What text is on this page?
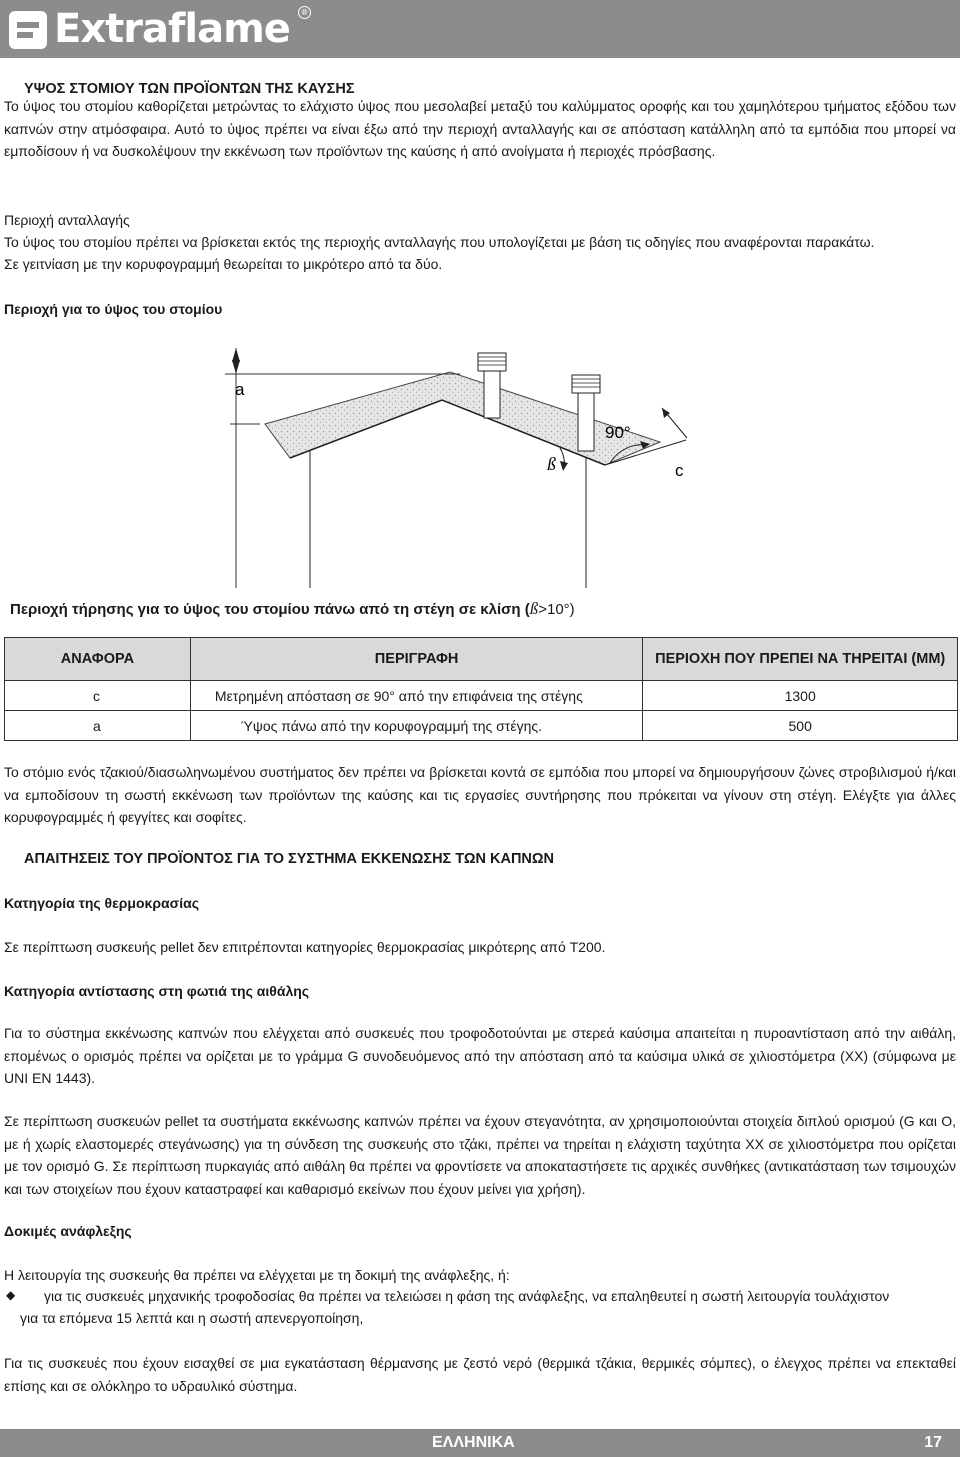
Extraflame	®
ΥΨΟΣ ΣΤΟΜΙΟΥ ΤΩΝ ΠΡΟΪΟΝΤΩΝ ΤΗΣ ΚΑΥΣΗΣ

Το ύψος του στομίου καθορίζεται μετρώντας το ελάχιστο ύψος που μεσολαβεί μεταξύ του καλύμματος οροφής και του χαμηλότερου τμήματος εξόδου των καπνών στην ατμόσφαιρα. Αυτό το ύψος πρέπει να είναι έξω από την περιοχή ανταλλαγής και σε απόσταση κατάλληλη από τα εμπόδια που μπορεί να εμποδίσουν ή να δυσκολέψουν την εκκένωση των προϊόντων της καύσης ή από ανοίγματα ή περιοχές πρόσβασης.

Περιοχή ανταλλαγής
Το ύψος του στομίου πρέπει να βρίσκεται εκτός της περιοχής ανταλλαγής που υπολογίζεται με βάση τις οδηγίες που αναφέρονται παρακάτω.
Σε γειτνίαση με την κορυφογραμμή θεωρείται το μικρότερο από τα δύο.
Περιοχή για το ύψος του στομίου
a
ß
90°
c
Περιοχή τήρησης για το ύψος του στομίου πάνω από τη στέγη σε κλίση (ß>10°)
ΑΝΑΦΟΡΑ	ΠΕΡΙΓΡΑΦΗ	ΠΕΡΙΟΧΗ ΠΟΥ ΠΡΕΠΕΙ ΝΑ ΤΗΡΕΙΤΑΙ (ΜΜ)
c	Μετρημένη απόσταση σε 90° από την επιφάνεια της στέγης	1300
a	Ύψος πάνω από την κορυφογραμμή της στέγης.	500

Το στόμιο ενός τζακιού/διασωληνωμένου συστήματος δεν πρέπει να βρίσκεται κοντά σε εμπόδια που μπορεί να δημιουργήσουν ζώνες στροβιλισμού ή/και να εμποδίσουν τη σωστή εκκένωση των προϊόντων της καύσης και τις εργασίες συντήρησης που πρόκειται να γίνουν στη στέγη. Ελέγξτε για άλλες κορυφογραμμές ή φεγγίτες και σοφίτες.

ΑΠΑΙΤΗΣΕΙΣ ΤΟΥ ΠΡΟΪΟΝΤΟΣ ΓΙΑ ΤΟ ΣΥΣΤΗΜΑ ΕΚΚΕΝΩΣΗΣ ΤΩΝ ΚΑΠΝΩΝ
Κατηγορία της θερμοκρασίας
Σε περίπτωση συσκευής pellet δεν επιτρέπονται κατηγορίες θερμοκρασίας μικρότερης από T200.
Κατηγορία αντίστασης στη φωτιά της αιθάλης

Για το σύστημα εκκένωσης καπνών που ελέγχεται από συσκευές που τροφοδοτούνται με στερεά καύσιμα απαιτείται η πυροαντίσταση από την αιθάλη, επομένως ο ορισμός πρέπει να ορίζεται με το γράμμα G συνοδευόμενος από την απόσταση από τα καύσιμα υλικά σε χιλιοστόμετρα (XX) (σύμφωνα με UNI EN 1443).

Σε περίπτωση συσκευών pellet τα συστήματα εκκένωσης καπνών πρέπει να έχουν στεγανότητα, αν χρησιμοποιούνται στοιχεία διπλού ορισμού (G και O, με ή χωρίς ελαστομερές στεγάνωσης) για τη σύνδεση της συσκευής στο τζάκι, πρέπει να τηρείται η ελάχιστη ταχύτητα XX σε χιλιοστόμετρα που ορίζεται με τον ορισμό G. Σε περίπτωση πυρκαγιάς από αιθάλη θα πρέπει να φροντίσετε να αποκαταστήσετε τις αρχικές συνθήκες (αντικατάσταση των τσιμουχών και των στοιχείων που έχουν καταστραφεί και καθαρισμό εκείνων που έχουν μείνει για χρήση).

Δοκιμές ανάφλεξης
Η λειτουργία της συσκευής θα πρέπει να ελέγχεται με τη δοκιμή της ανάφλεξης, ή:
◆ για τις συσκευές μηχανικής τροφοδοσίας θα πρέπει να τελειώσει η φάση της ανάφλεξης, να επαληθευτεί η σωστή λειτουργία τουλάχιστον
για τα επόμενα 15 λεπτά και η σωστή απενεργοποίηση,

Για τις συσκευές που έχουν εισαχθεί σε μια εγκατάσταση θέρμανσης με ζεστό νερό (θερμικά τζάκια, θερμικές σόμπες), ο έλεγχος πρέπει να επεκταθεί επίσης και σε ολόκληρο το υδραυλικό σύστημα.

ΕΛΛΗΝΙΚΑ	17
